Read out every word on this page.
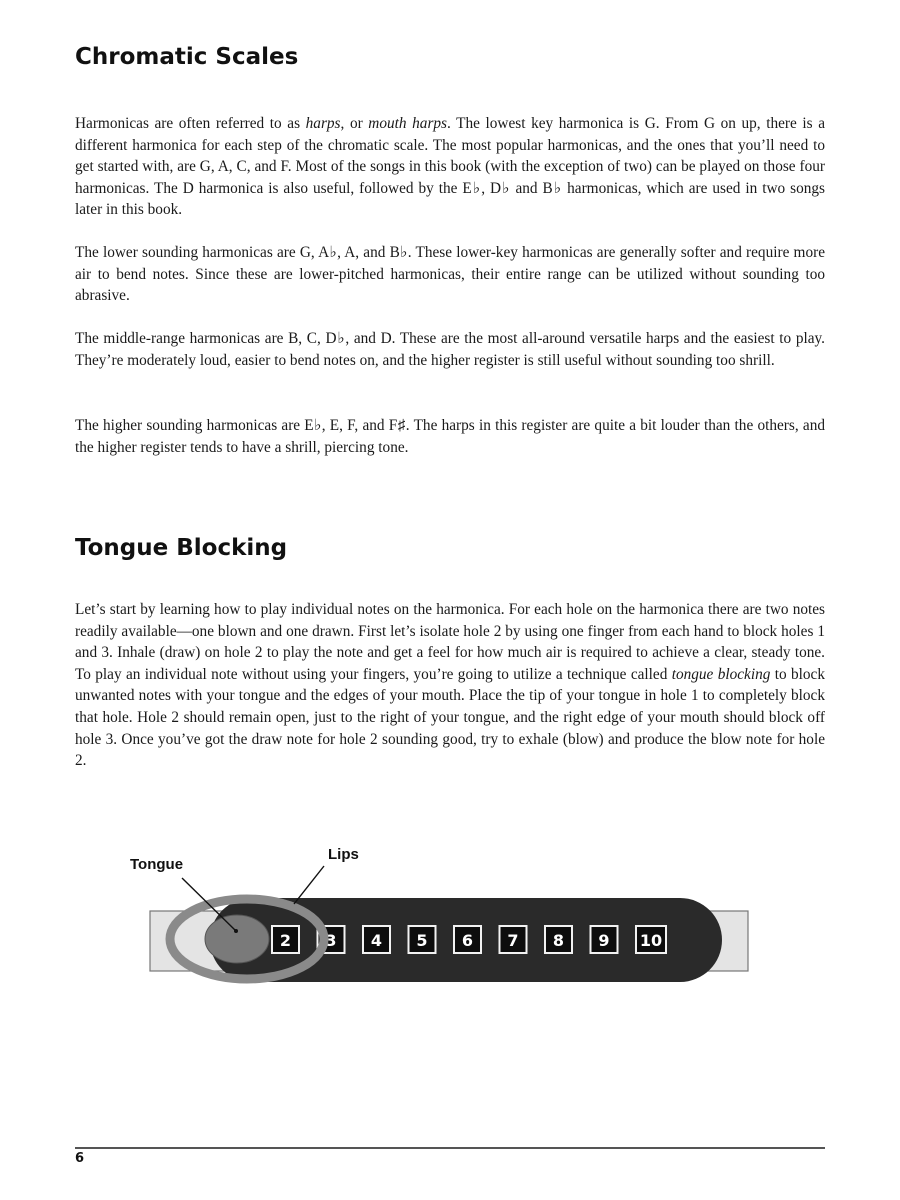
Chromatic Scales

Harmonicas are often referred to as harps, or mouth harps. The lowest key harmonica is G. From G on up, there is a different harmonica for each step of the chromatic scale. The most popular harmonicas, and the ones that you’ll need to get started with, are G, A, C, and F. Most of the songs in this book (with the exception of two) can be played on those four harmonicas. The D harmonica is also useful, followed by the E♭, D♭ and B♭ harmonicas, which are used in two songs later in this book.

The lower sounding harmonicas are G, A♭, A, and B♭. These lower-key harmonicas are generally softer and require more air to bend notes. Since these are lower-pitched harmonicas, their entire range can be utilized without sounding too abrasive.

The middle-range harmonicas are B, C, D♭, and D. These are the most all-around versatile harps and the easiest to play. They’re moderately loud, easier to bend notes on, and the higher register is still useful without sounding too shrill.

The higher sounding harmonicas are E♭, E, F, and F♯. The harps in this register are quite a bit louder than the others, and the higher register tends to have a shrill, piercing tone.

Tongue Blocking

Let’s start by learning how to play individual notes on the harmonica. For each hole on the harmonica there are two notes readily available—one blown and one drawn. First let’s isolate hole 2 by using one finger from each hand to block holes 1 and 3. Inhale (draw) on hole 2 to play the note and get a feel for how much air is required to achieve a clear, steady tone. To play an individual note without using your fingers, you’re going to utilize a technique called tongue blocking to block unwanted notes with your tongue and the edges of your mouth. Place the tip of your tongue in hole 1 to completely block that hole. Hole 2 should remain open, just to the right of your tongue, and the right edge of your mouth should block off hole 3. Once you’ve got the draw note for hole 2 sounding good, try to exhale (blow) and produce the blow note for hole 2.

2 3 4 5 6 7 8 9 10
Tongue
Lips
6
